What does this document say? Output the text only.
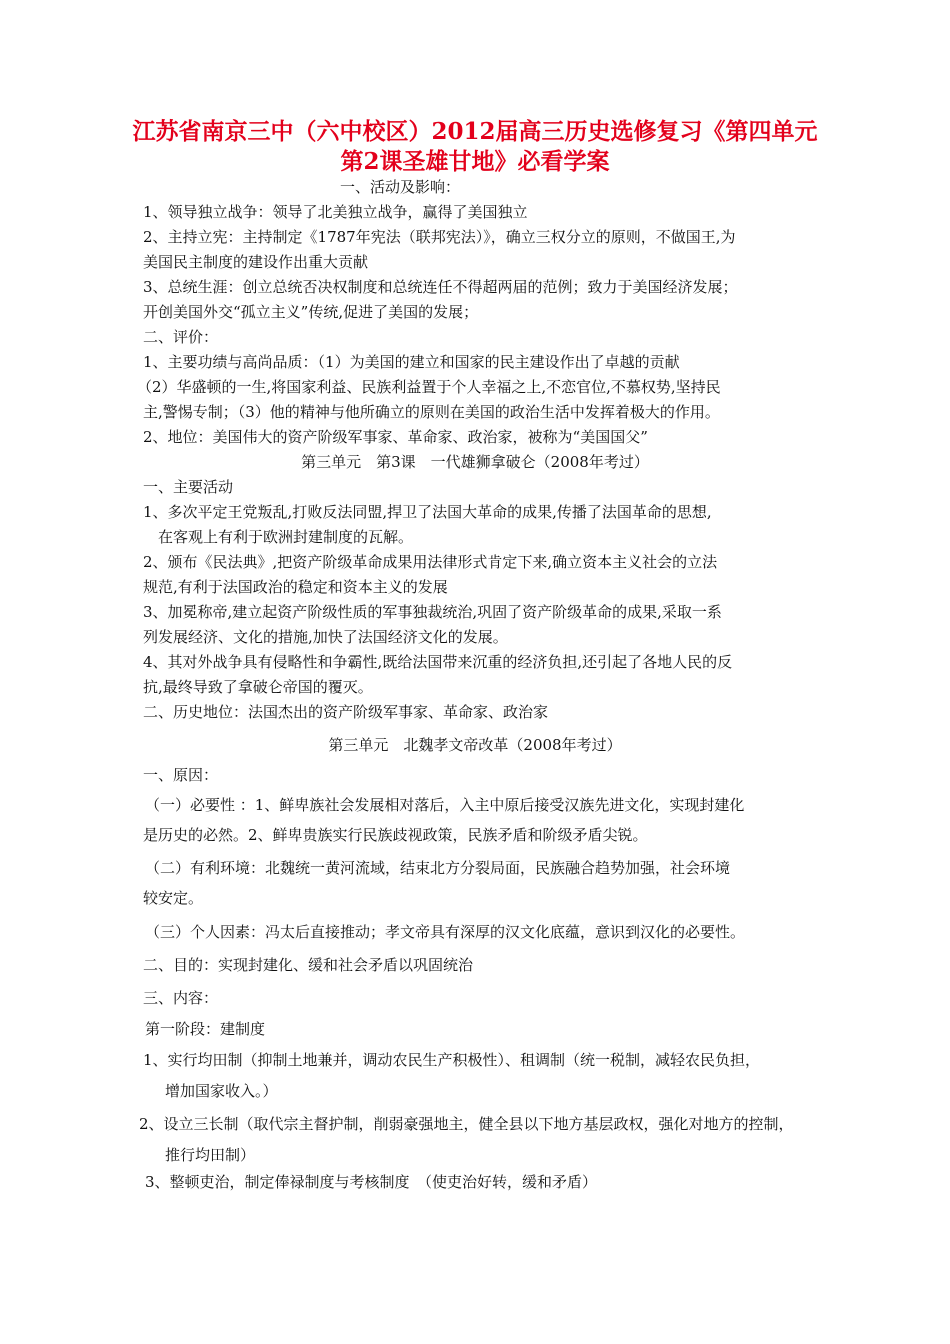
江苏省南京三中（六中校区）2012届高三历史选修复习《第四单元
第2课圣雄甘地》必看学案
一、活动及影响：
1、领导独立战争：领导了北美独立战争，赢得了美国独立
2、主持立宪：主持制定《1787年宪法（联邦宪法）》，确立三权分立的原则，不做国王,为
美国民主制度的建设作出重大贡献
3、总统生涯：创立总统否决权制度和总统连任不得超两届的范例；致力于美国经济发展；
开创美国外交“孤立主义”传统,促进了美国的发展；
二、评价：
1、主要功绩与高尚品质：（1）为美国的建立和国家的民主建设作出了卓越的贡献
（2）华盛顿的一生,将国家利益、民族利益置于个人幸福之上,不恋官位,不慕权势,坚持民
主,警惕专制；（3）他的精神与他所确立的原则在美国的政治生活中发挥着极大的作用。
2、地位：美国伟大的资产阶级军事家、革命家、政治家，被称为“美国国父”
第三单元　第3课　一代雄狮拿破仑（2008年考过）
一、主要活动
1、多次平定王党叛乱,打败反法同盟,捍卫了法国大革命的成果,传播了法国革命的思想,
在客观上有利于欧洲封建制度的瓦解。
2、颁布《民法典》,把资产阶级革命成果用法律形式肯定下来,确立资本主义社会的立法
规范,有利于法国政治的稳定和资本主义的发展
3、加冕称帝,建立起资产阶级性质的军事独裁统治,巩固了资产阶级革命的成果,采取一系
列发展经济、文化的措施,加快了法国经济文化的发展。
4、其对外战争具有侵略性和争霸性,既给法国带来沉重的经济负担,还引起了各地人民的反
抗,最终导致了拿破仑帝国的覆灭。
二、历史地位：法国杰出的资产阶级军事家、革命家、政治家
第三单元　北魏孝文帝改革（2008年考过）
一、原因：
（一）必要性 ：1、鲜卑族社会发展相对落后，入主中原后接受汉族先进文化，实现封建化
是历史的必然。2、鲜卑贵族实行民族歧视政策，民族矛盾和阶级矛盾尖锐。
（二）有利环境：北魏统一黄河流域，结束北方分裂局面，民族融合趋势加强，社会环境
较安定。
（三）个人因素：冯太后直接推动；孝文帝具有深厚的汉文化底蕴，意识到汉化的必要性。
二、目的：实现封建化、缓和社会矛盾以巩固统治
三、内容：
第一阶段：建制度
1、实行均田制（抑制土地兼并，调动农民生产积极性）、租调制（统一税制，减轻农民负担，
增加国家收入。）
2、设立三长制（取代宗主督护制，削弱豪强地主，健全县以下地方基层政权，强化对地方的控制，
推行均田制）
3、整顿吏治，制定俸禄制度与考核制度　（使吏治好转，缓和矛盾）
